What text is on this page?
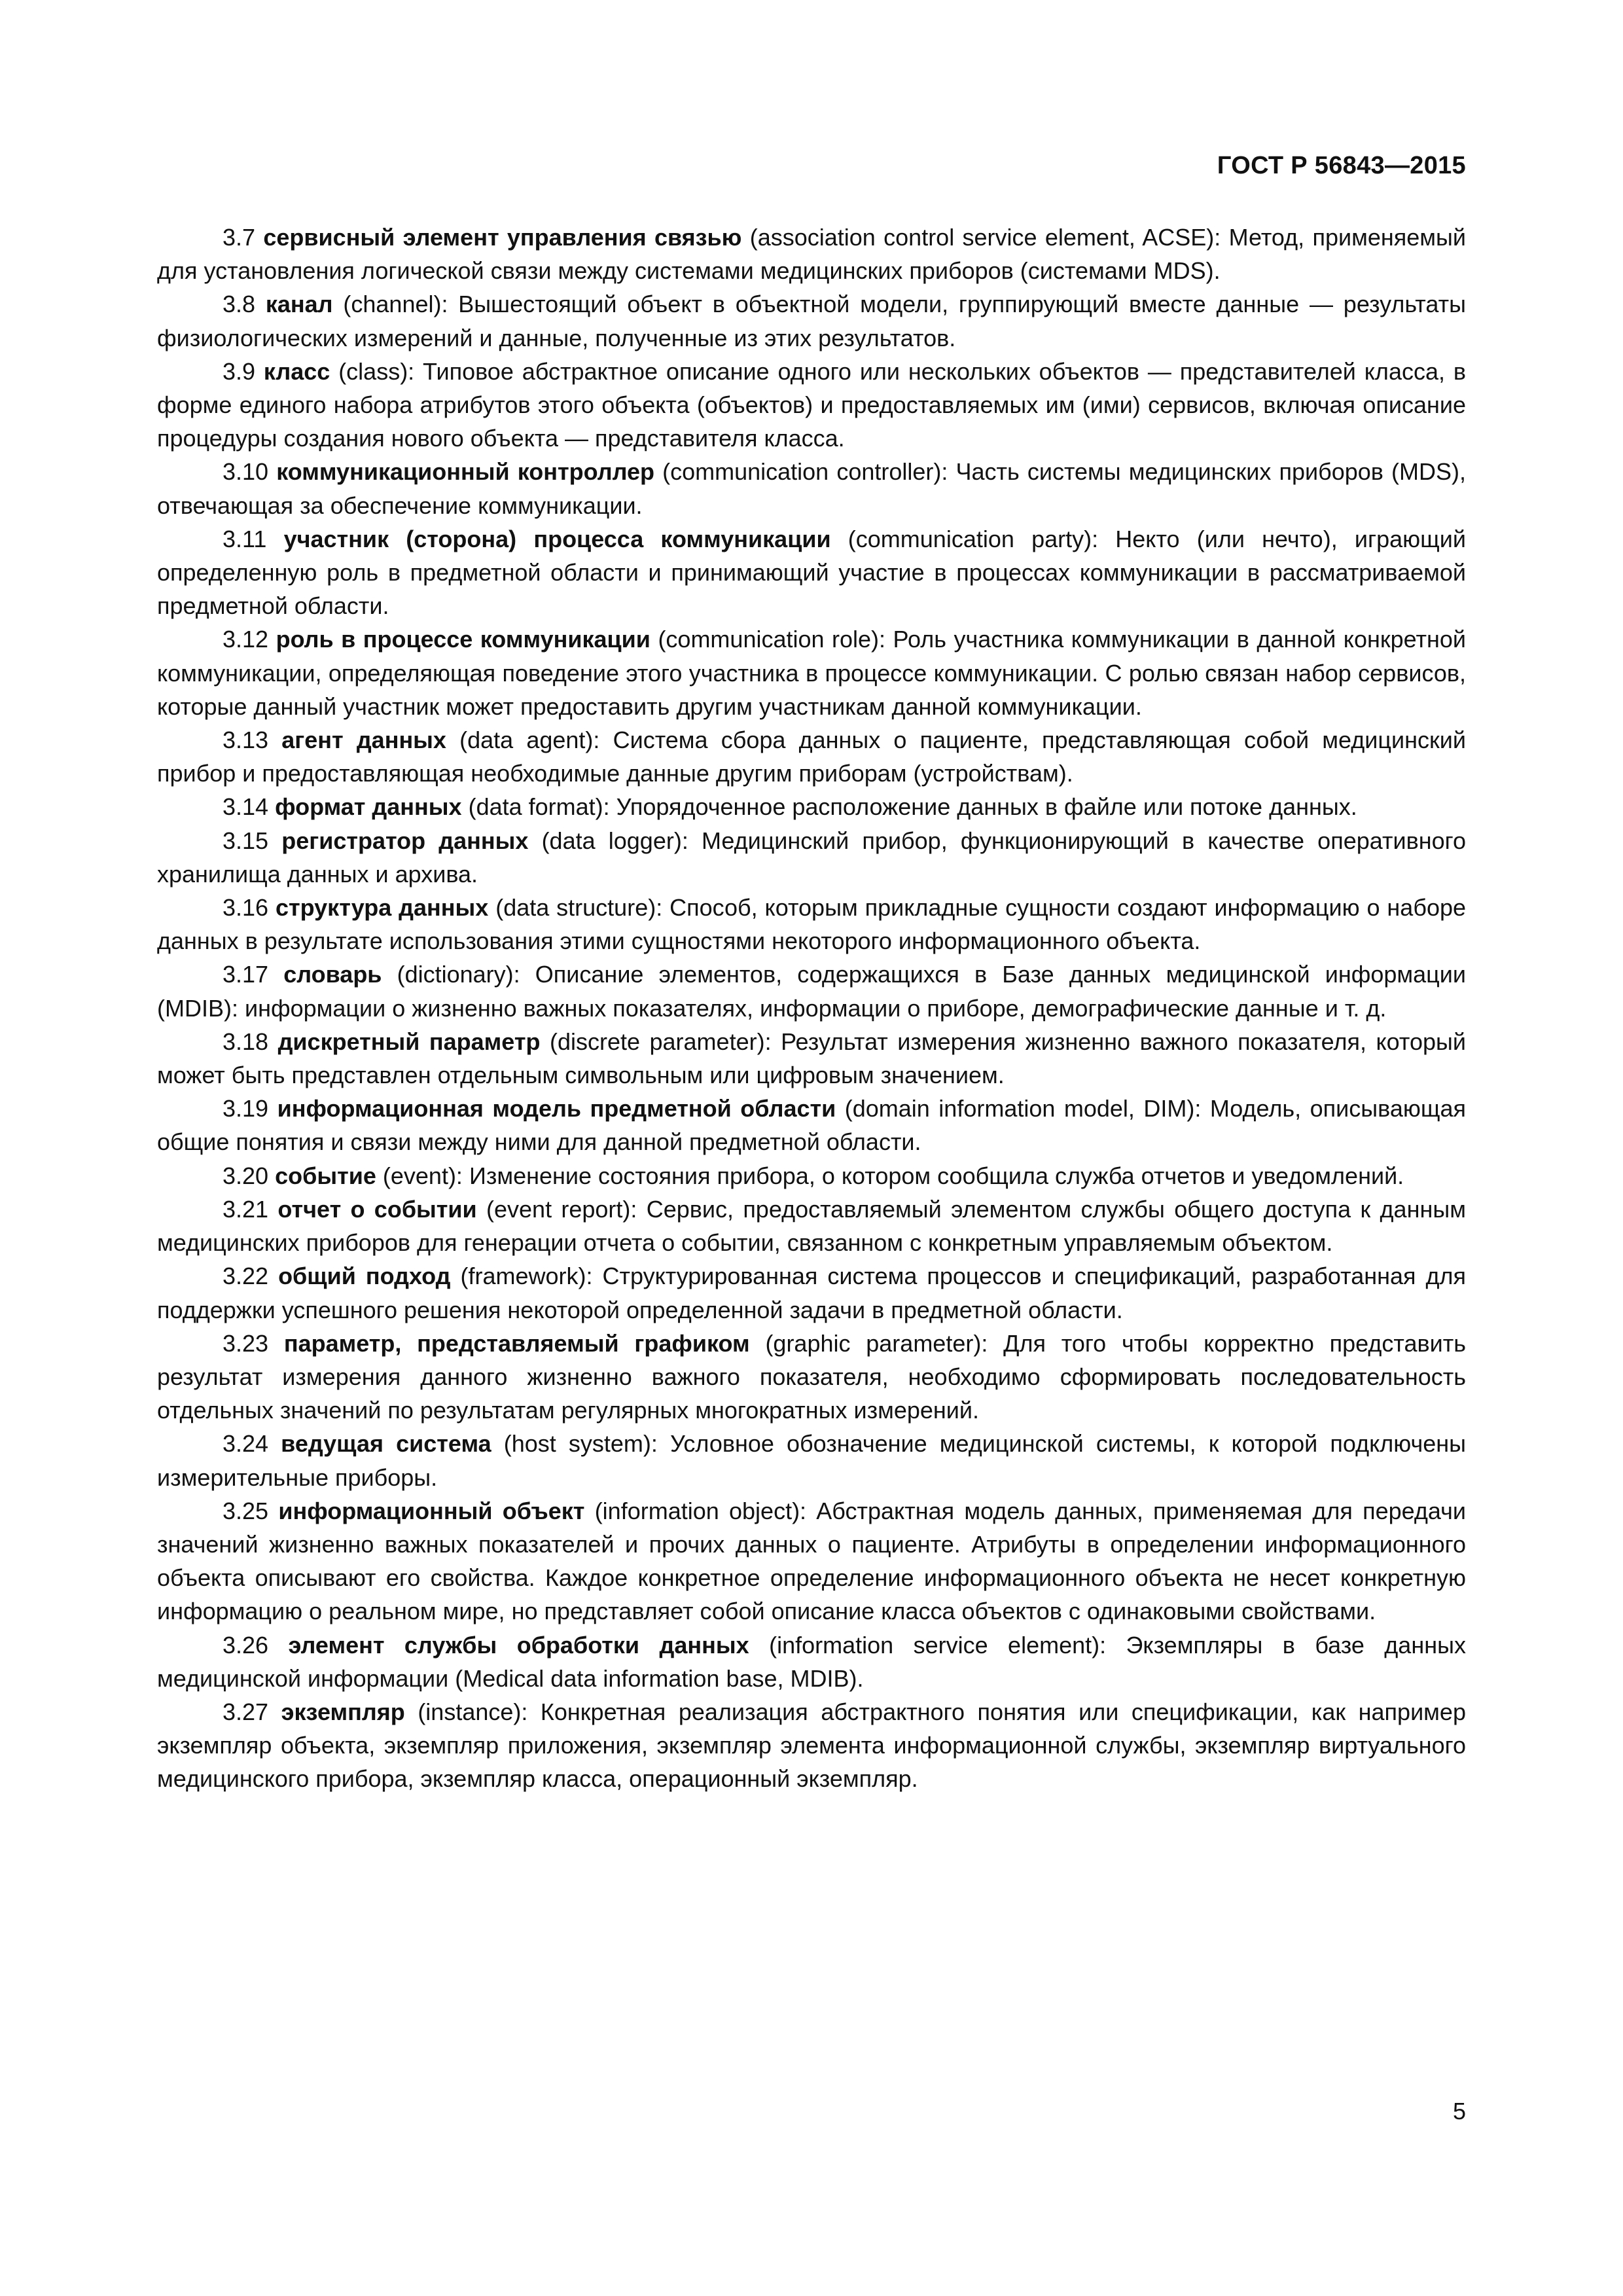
ГОСТ Р 56843—2015

3.7 сервисный элемент управления связью (association control service element, ACSE): Метод, применяемый для установления логической связи между системами медицинских приборов (системами MDS).

3.8 канал (channel): Вышестоящий объект в объектной модели, группирующий вместе данные — результаты физиологических измерений и данные, полученные из этих результатов.

3.9 класс (class): Типовое абстрактное описание одного или нескольких объектов — представителей класса, в форме единого набора атрибутов этого объекта (объектов) и предоставляемых им (ими) сервисов, включая описание процедуры создания нового объекта — представителя класса.

3.10 коммуникационный контроллер (communication controller): Часть системы медицинских приборов (MDS), отвечающая за обеспечение коммуникации.

3.11 участник (сторона) процесса коммуникации (communication party): Некто (или нечто), играющий определенную роль в предметной области и принимающий участие в процессах коммуникации в рассматриваемой предметной области.

3.12 роль в процессе коммуникации (communication role): Роль участника коммуникации в данной конкретной коммуникации, определяющая поведение этого участника в процессе коммуникации. С ролью связан набор сервисов, которые данный участник может предоставить другим участникам данной коммуникации.

3.13 агент данных (data agent): Система сбора данных о пациенте, представляющая собой медицинский прибор и предоставляющая необходимые данные другим приборам (устройствам).

3.14 формат данных (data format): Упорядоченное расположение данных в файле или потоке данных.

3.15 регистратор данных (data logger): Медицинский прибор, функционирующий в качестве оперативного хранилища данных и архива.

3.16 структура данных (data structure): Способ, которым прикладные сущности создают информацию о наборе данных в результате использования этими сущностями некоторого информационного объекта.

3.17 словарь (dictionary): Описание элементов, содержащихся в Базе данных медицинской информации (MDIB): информации о жизненно важных показателях, информации о приборе, демографические данные и т. д.

3.18 дискретный параметр (discrete parameter): Результат измерения жизненно важного показателя, который может быть представлен отдельным символьным или цифровым значением.

3.19 информационная модель предметной области (domain information model, DIM): Модель, описывающая общие понятия и связи между ними для данной предметной области.

3.20 событие (event): Изменение состояния прибора, о котором сообщила служба отчетов и уведомлений.

3.21 отчет о событии (event report): Сервис, предоставляемый элементом службы общего доступа к данным медицинских приборов для генерации отчета о событии, связанном с конкретным управляемым объектом.

3.22 общий подход (framework): Структурированная система процессов и спецификаций, разработанная для поддержки успешного решения некоторой определенной задачи в предметной области.

3.23 параметр, представляемый графиком (graphic parameter): Для того чтобы корректно представить результат измерения данного жизненно важного показателя, необходимо сформировать последовательность отдельных значений по результатам регулярных многократных измерений.

3.24 ведущая система (host system): Условное обозначение медицинской системы, к которой подключены измерительные приборы.

3.25 информационный объект (information object): Абстрактная модель данных, применяемая для передачи значений жизненно важных показателей и прочих данных о пациенте. Атрибуты в определении информационного объекта описывают его свойства. Каждое конкретное определение информационного объекта не несет конкретную информацию о реальном мире, но представляет собой описание класса объектов с одинаковыми свойствами.

3.26 элемент службы обработки данных (information service element): Экземпляры в базе данных медицинской информации (Medical data information base, MDIB).

3.27 экземпляр (instance): Конкретная реализация абстрактного понятия или спецификации, как например экземпляр объекта, экземпляр приложения, экземпляр элемента информационной службы, экземпляр виртуального медицинского прибора, экземпляр класса, операционный экземпляр.

5
